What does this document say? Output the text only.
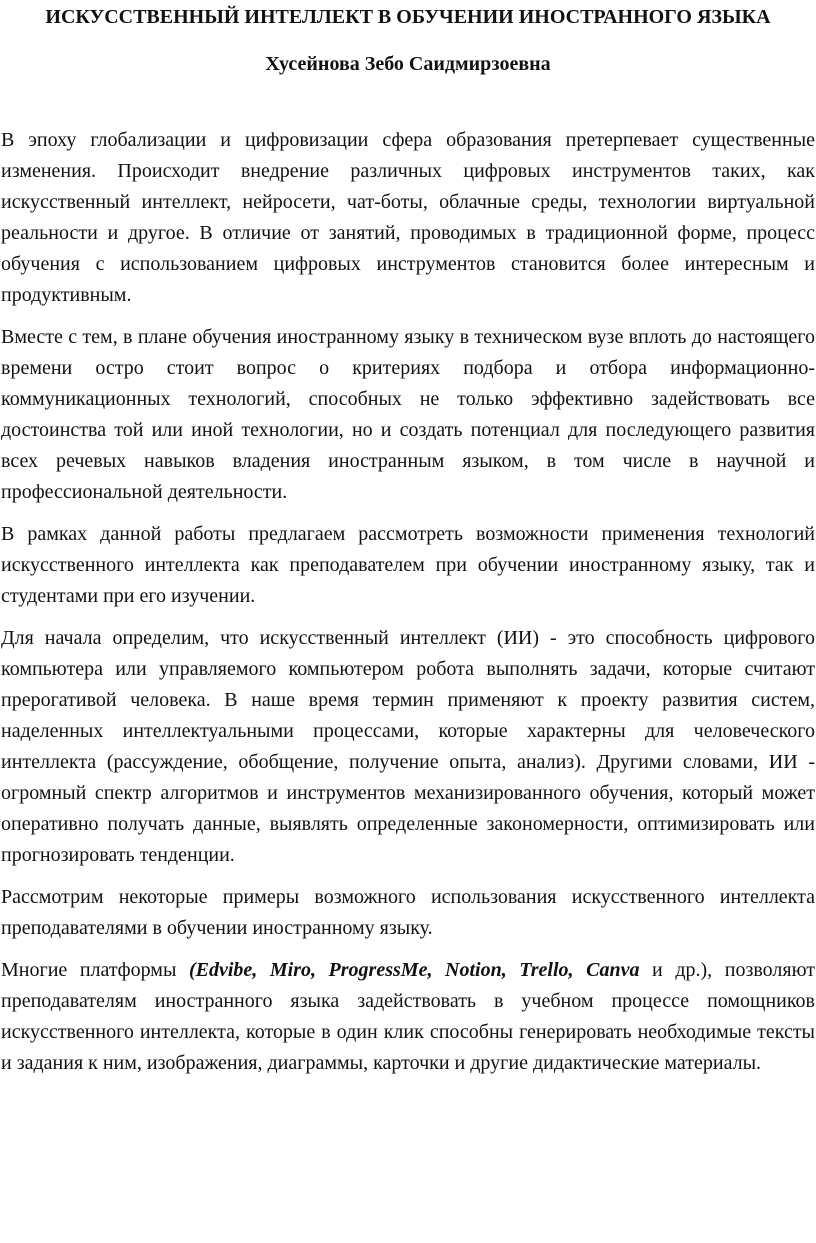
ИСКУССТВЕННЫЙ ИНТЕЛЛЕКТ В ОБУЧЕНИИ ИНОСТРАННОГО ЯЗЫКА
Хусейнова Зебо Саидмирзоевна

В эпоху глобализации и цифровизации сфера образования претерпевает существенные изменения. Происходит внедрение различных цифровых инструментов таких, как искусственный интеллект, нейросети, чат-боты, облачные среды, технологии виртуальной реальности и другое. В отличие от занятий, проводимых в традиционной форме, процесс обучения с использованием цифровых инструментов становится более интересным и продуктивным.

Вместе с тем, в плане обучения иностранному языку в техническом вузе вплоть до настоящего времени остро стоит вопрос о критериях подбора и отбора информационно-коммуникационных технологий, способных не только эффективно задействовать все достоинства той или иной технологии, но и создать потенциал для последующего развития всех речевых навыков владения иностранным языком, в том числе в научной и профессиональной деятельности.

В рамках данной работы предлагаем рассмотреть возможности применения технологий искусственного интеллекта как преподавателем при обучении иностранному языку, так и студентами при его изучении.

Для начала определим, что искусственный интеллект (ИИ) - это способность цифрового компьютера или управляемого компьютером робота выполнять задачи, которые считают прерогативой человека. В наше время термин применяют к проекту развития систем, наделенных интеллектуальными процессами, которые характерны для человеческого интеллекта (рассуждение, обобщение, получение опыта, анализ). Другими словами, ИИ - огромный спектр алгоритмов и инструментов механизированного обучения, который может оперативно получать данные, выявлять определенные закономерности, оптимизировать или прогнозировать тенденции.

Рассмотрим некоторые примеры возможного использования искусственного интеллекта преподавателями в обучении иностранному языку.

Многие платформы (Edvibe, Miro, ProgressMe, Notion, Trello, Canva и др.), позволяют преподавателям иностранного языка задействовать в учебном процессе помощников искусственного интеллекта, которые в один клик способны генерировать необходимые тексты и задания к ним, изображения, диаграммы, карточки и другие дидактические материалы.
